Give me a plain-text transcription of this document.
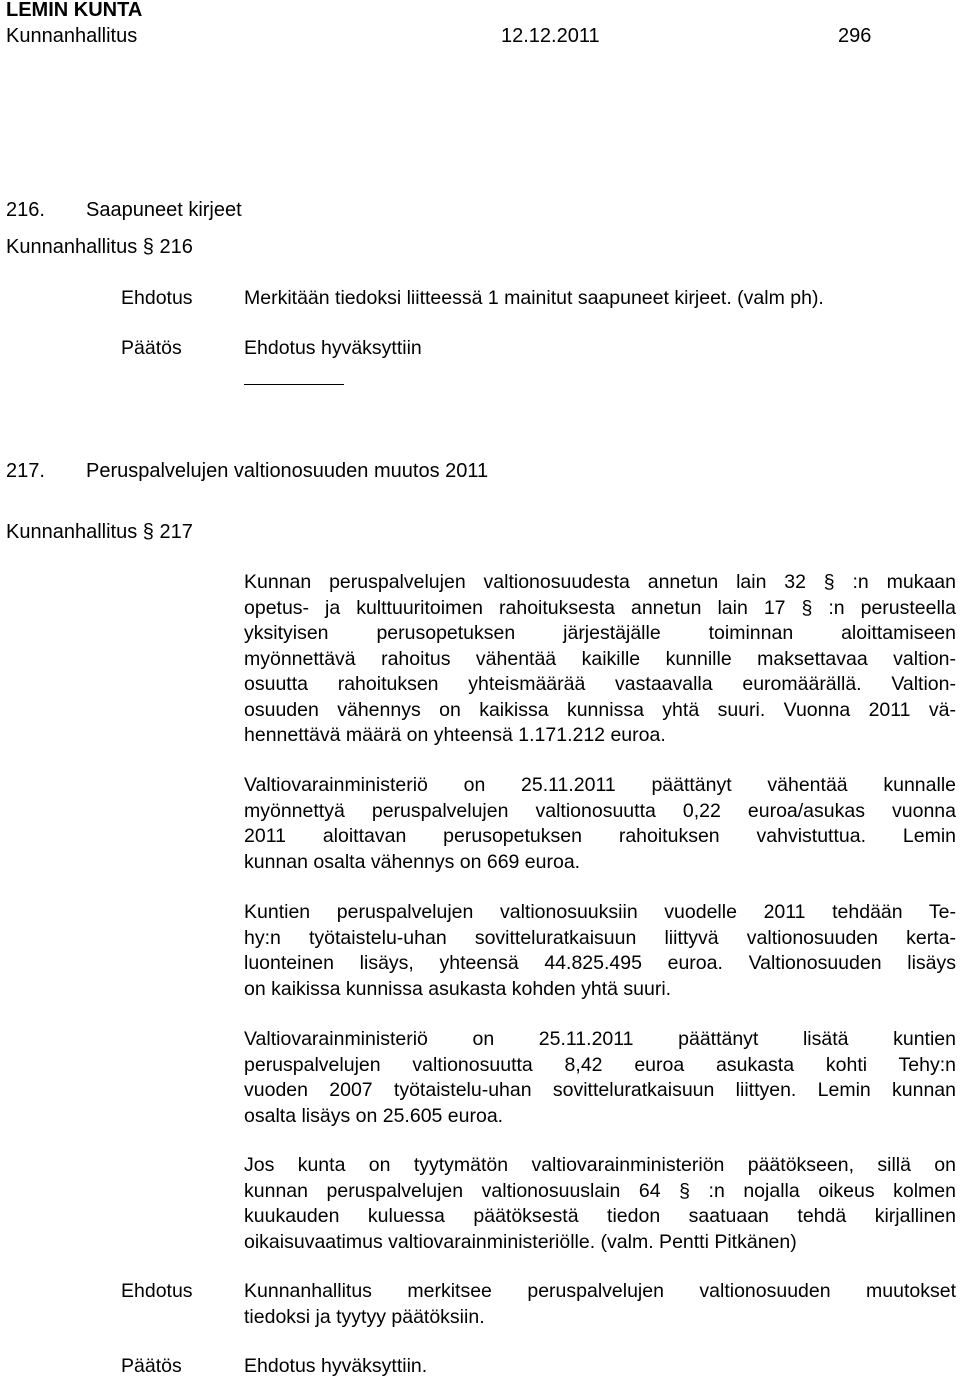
LEMIN KUNTA
Kunnanhallitus	12.12.2011	296
216. Saapuneet kirjeet
Kunnanhallitus § 216
Ehdotus	Merkitään tiedoksi liitteessä 1 mainitut saapuneet kirjeet. (valm ph).
Päätös	Ehdotus hyväksyttiin
217. Peruspalvelujen valtionosuuden muutos 2011
Kunnanhallitus § 217
Kunnan peruspalvelujen valtionosuudesta annetun lain 32 § :n mukaan
opetus- ja kulttuuritoimen rahoituksesta annetun lain 17 § :n perusteella
yksityisen perusopetuksen järjestäjälle toiminnan aloittamiseen
myönnettävä rahoitus vähentää kaikille kunnille maksettavaa valtion-
osuutta rahoituksen yhteismäärää vastaavalla euromäärällä. Valtion-
osuuden vähennys on kaikissa kunnissa yhtä suuri. Vuonna 2011 vä-
hennettävä määrä on yhteensä 1.171.212 euroa.
Valtiovarainministeriö on 25.11.2011 päättänyt vähentää kunnalle
myönnettyä peruspalvelujen valtionosuutta 0,22 euroa/asukas vuonna
2011 aloittavan perusopetuksen rahoituksen vahvistuttua. Lemin
kunnan osalta vähennys on 669 euroa.
Kuntien peruspalvelujen valtionosuuksiin vuodelle 2011 tehdään Te-
hy:n työtaistelu-uhan sovitteluratkaisuun liittyvä valtionosuuden kerta-
luonteinen lisäys, yhteensä 44.825.495 euroa. Valtionosuuden lisäys
on kaikissa kunnissa asukasta kohden yhtä suuri.
Valtiovarainministeriö on 25.11.2011 päättänyt lisätä kuntien
peruspalvelujen valtionosuutta 8,42 euroa asukasta kohti Tehy:n
vuoden 2007 työtaistelu-uhan sovitteluratkaisuun liittyen. Lemin kunnan
osalta lisäys on 25.605 euroa.
Jos kunta on tyytymätön valtiovarainministeriön päätökseen, sillä on
kunnan peruspalvelujen valtionosuuslain 64 § :n nojalla oikeus kolmen
kuukauden kuluessa päätöksestä tiedon saatuaan tehdä kirjallinen
oikaisuvaatimus valtiovarainministeriölle. (valm. Pentti Pitkänen)
Ehdotus	Kunnanhallitus merkitsee peruspalvelujen valtionosuuden muutokset
tiedoksi ja tyytyy päätöksiin.
Päätös	Ehdotus hyväksyttiin.
